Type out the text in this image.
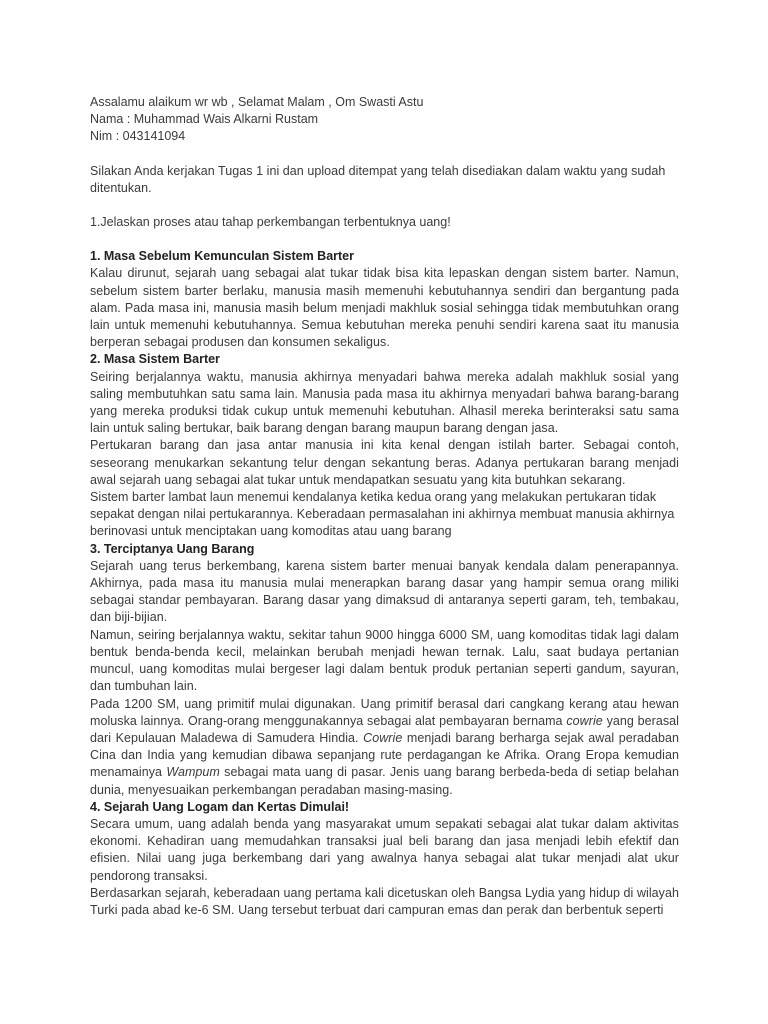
Assalamu alaikum wr wb , Selamat Malam , Om Swasti Astu

Nama : Muhammad Wais Alkarni Rustam

Nim : 043141094

Silakan Anda kerjakan Tugas 1 ini dan upload ditempat yang telah disediakan dalam waktu yang sudah ditentukan.

1.Jelaskan proses atau tahap perkembangan terbentuknya uang!

1. Masa Sebelum Kemunculan Sistem Barter

Kalau dirunut, sejarah uang sebagai alat tukar tidak bisa kita lepaskan dengan sistem barter. Namun, sebelum sistem barter berlaku, manusia masih memenuhi kebutuhannya sendiri dan bergantung pada alam. Pada masa ini, manusia masih belum menjadi makhluk sosial sehingga tidak membutuhkan orang lain untuk memenuhi kebutuhannya. Semua kebutuhan mereka penuhi sendiri karena saat itu manusia berperan sebagai produsen dan konsumen sekaligus.

2. Masa Sistem Barter

Seiring berjalannya waktu, manusia akhirnya menyadari bahwa mereka adalah makhluk sosial yang saling membutuhkan satu sama lain. Manusia pada masa itu akhirnya menyadari bahwa barang-barang yang mereka produksi tidak cukup untuk memenuhi kebutuhan. Alhasil mereka berinteraksi satu sama lain untuk saling bertukar, baik barang dengan barang maupun barang dengan jasa.

Pertukaran barang dan jasa antar manusia ini kita kenal dengan istilah barter. Sebagai contoh, seseorang menukarkan sekantung telur dengan sekantung beras. Adanya pertukaran barang menjadi awal sejarah uang sebagai alat tukar untuk mendapatkan sesuatu yang kita butuhkan sekarang.

Sistem barter lambat laun menemui kendalanya ketika kedua orang yang melakukan pertukaran tidak sepakat dengan nilai pertukarannya. Keberadaan permasalahan ini akhirnya membuat manusia akhirnya berinovasi untuk menciptakan uang komoditas atau uang barang

3. Terciptanya Uang Barang

Sejarah uang terus berkembang, karena sistem barter menuai banyak kendala dalam penerapannya. Akhirnya, pada masa itu manusia mulai menerapkan barang dasar yang hampir semua orang miliki sebagai standar pembayaran. Barang dasar yang dimaksud di antaranya seperti garam, teh, tembakau, dan biji-bijian.

Namun, seiring berjalannya waktu, sekitar tahun 9000 hingga 6000 SM, uang komoditas tidak lagi dalam bentuk benda-benda kecil, melainkan berubah menjadi hewan ternak. Lalu, saat budaya pertanian muncul, uang komoditas mulai bergeser lagi dalam bentuk produk pertanian seperti gandum, sayuran, dan tumbuhan lain.

Pada 1200 SM, uang primitif mulai digunakan. Uang primitif berasal dari cangkang kerang atau hewan moluska lainnya. Orang-orang menggunakannya sebagai alat pembayaran bernama cowrie yang berasal dari Kepulauan Maladewa di Samudera Hindia. Cowrie menjadi barang berharga sejak awal peradaban Cina dan India yang kemudian dibawa sepanjang rute perdagangan ke Afrika. Orang Eropa kemudian menamainya Wampum sebagai mata uang di pasar. Jenis uang barang berbeda-beda di setiap belahan dunia, menyesuaikan perkembangan peradaban masing-masing.

4. Sejarah Uang Logam dan Kertas Dimulai!

Secara umum, uang adalah benda yang masyarakat umum sepakati sebagai alat tukar dalam aktivitas ekonomi. Kehadiran uang memudahkan transaksi jual beli barang dan jasa menjadi lebih efektif dan efisien. Nilai uang juga berkembang dari yang awalnya hanya sebagai alat tukar menjadi alat ukur pendorong transaksi.

Berdasarkan sejarah, keberadaan uang pertama kali dicetuskan oleh Bangsa Lydia yang hidup di wilayah Turki pada abad ke-6 SM. Uang tersebut terbuat dari campuran emas dan perak dan berbentuk seperti
